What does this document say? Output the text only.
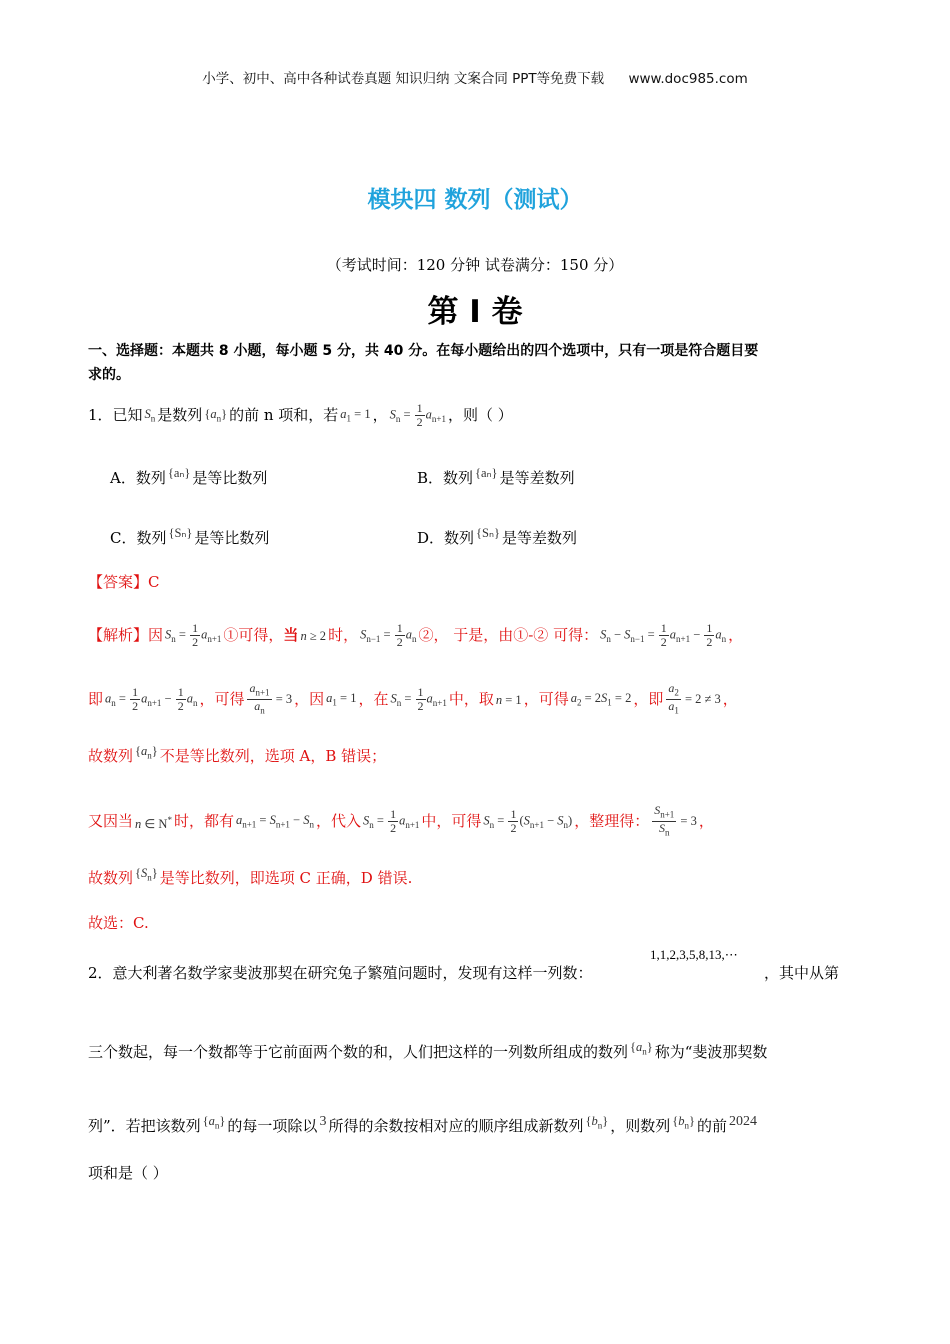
小学、初中、高中各种试卷真题 知识归纳 文案合同 PPT等免费下载 www.doc985.com
模块四 数列（测试）
（考试时间：120 分钟 试卷满分：150 分）
第 I 卷
一、选择题：本题共 8 小题，每小题 5 分，共 40 分。在每小题给出的四个选项中，只有一项是符合题目要
求的。
1．已知 $S_n$ 是数列 $\{a_n\}$ 的前 n 项和，若 $a_1 = 1$ ， $S_n = \frac{1}{2} a_{n+1}$ ，则（ ）
A．数列 {aₙ} 是等比数列	B．数列 {aₙ} 是等差数列
C．数列 {Sₙ} 是等比数列	D．数列 {Sₙ} 是等差数列
【答案】C
【解析】因 $S_n = \frac{1}{2} a_{n+1}$ ①可得，当 n ≥ 2 时， $S_{n-1} = \frac{1}{2} a_n$ ②， 于是，由①-② 可得： $S_n - S_{n-1} = \frac{1}{2} a_{n+1} - \frac{1}{2} a_n$ ，
即 $a_n = \frac{1}{2} a_{n+1} - \frac{1}{2} a_n$ ，可得 $\frac{a_{n+1}}{a_n} = 3$ ，因 $a_1 = 1$ ，在 $S_n = \frac{1}{2} a_{n+1}$ 中，取 n = 1 ，可得 $a_2 = 2S_1 = 2$ ，即 $\frac{a_2}{a_1} = 2 \ne 3$ ，
故数列 $\{a_n\}$ 不是等比数列，选项 A，B 错误；
又因当 n ∈ N* 时，都有 $a_{n+1} = S_{n+1} - S_n$ ，代入 $S_n = \frac{1}{2} a_{n+1}$ 中，可得 $S_n = \frac{1}{2} (S_{n+1} - S_n)$ ，整理得： $\frac{S_{n+1}}{S_n} = 3$ ，
故数列 $\{S_n\}$ 是等比数列，即选项 C 正确，D 错误.
故选：C.
2．意大利著名数学家斐波那契在研究兔子繁殖问题时，发现有这样一列数：
1,1,2,3,5,8,13,⋯
，其中从第
三个数起，每一个数都等于它前面两个数的和，人们把这样的一列数所组成的数列 $\{a_n\}$ 称为“斐波那契数
列”．若把该数列 $\{a_n\}$ 的每一项除以 3 所得的余数按相对应的顺序组成新数列 $\{b_n\}$ ，则数列 $\{b_n\}$ 的前 2024
项和是（ ）
